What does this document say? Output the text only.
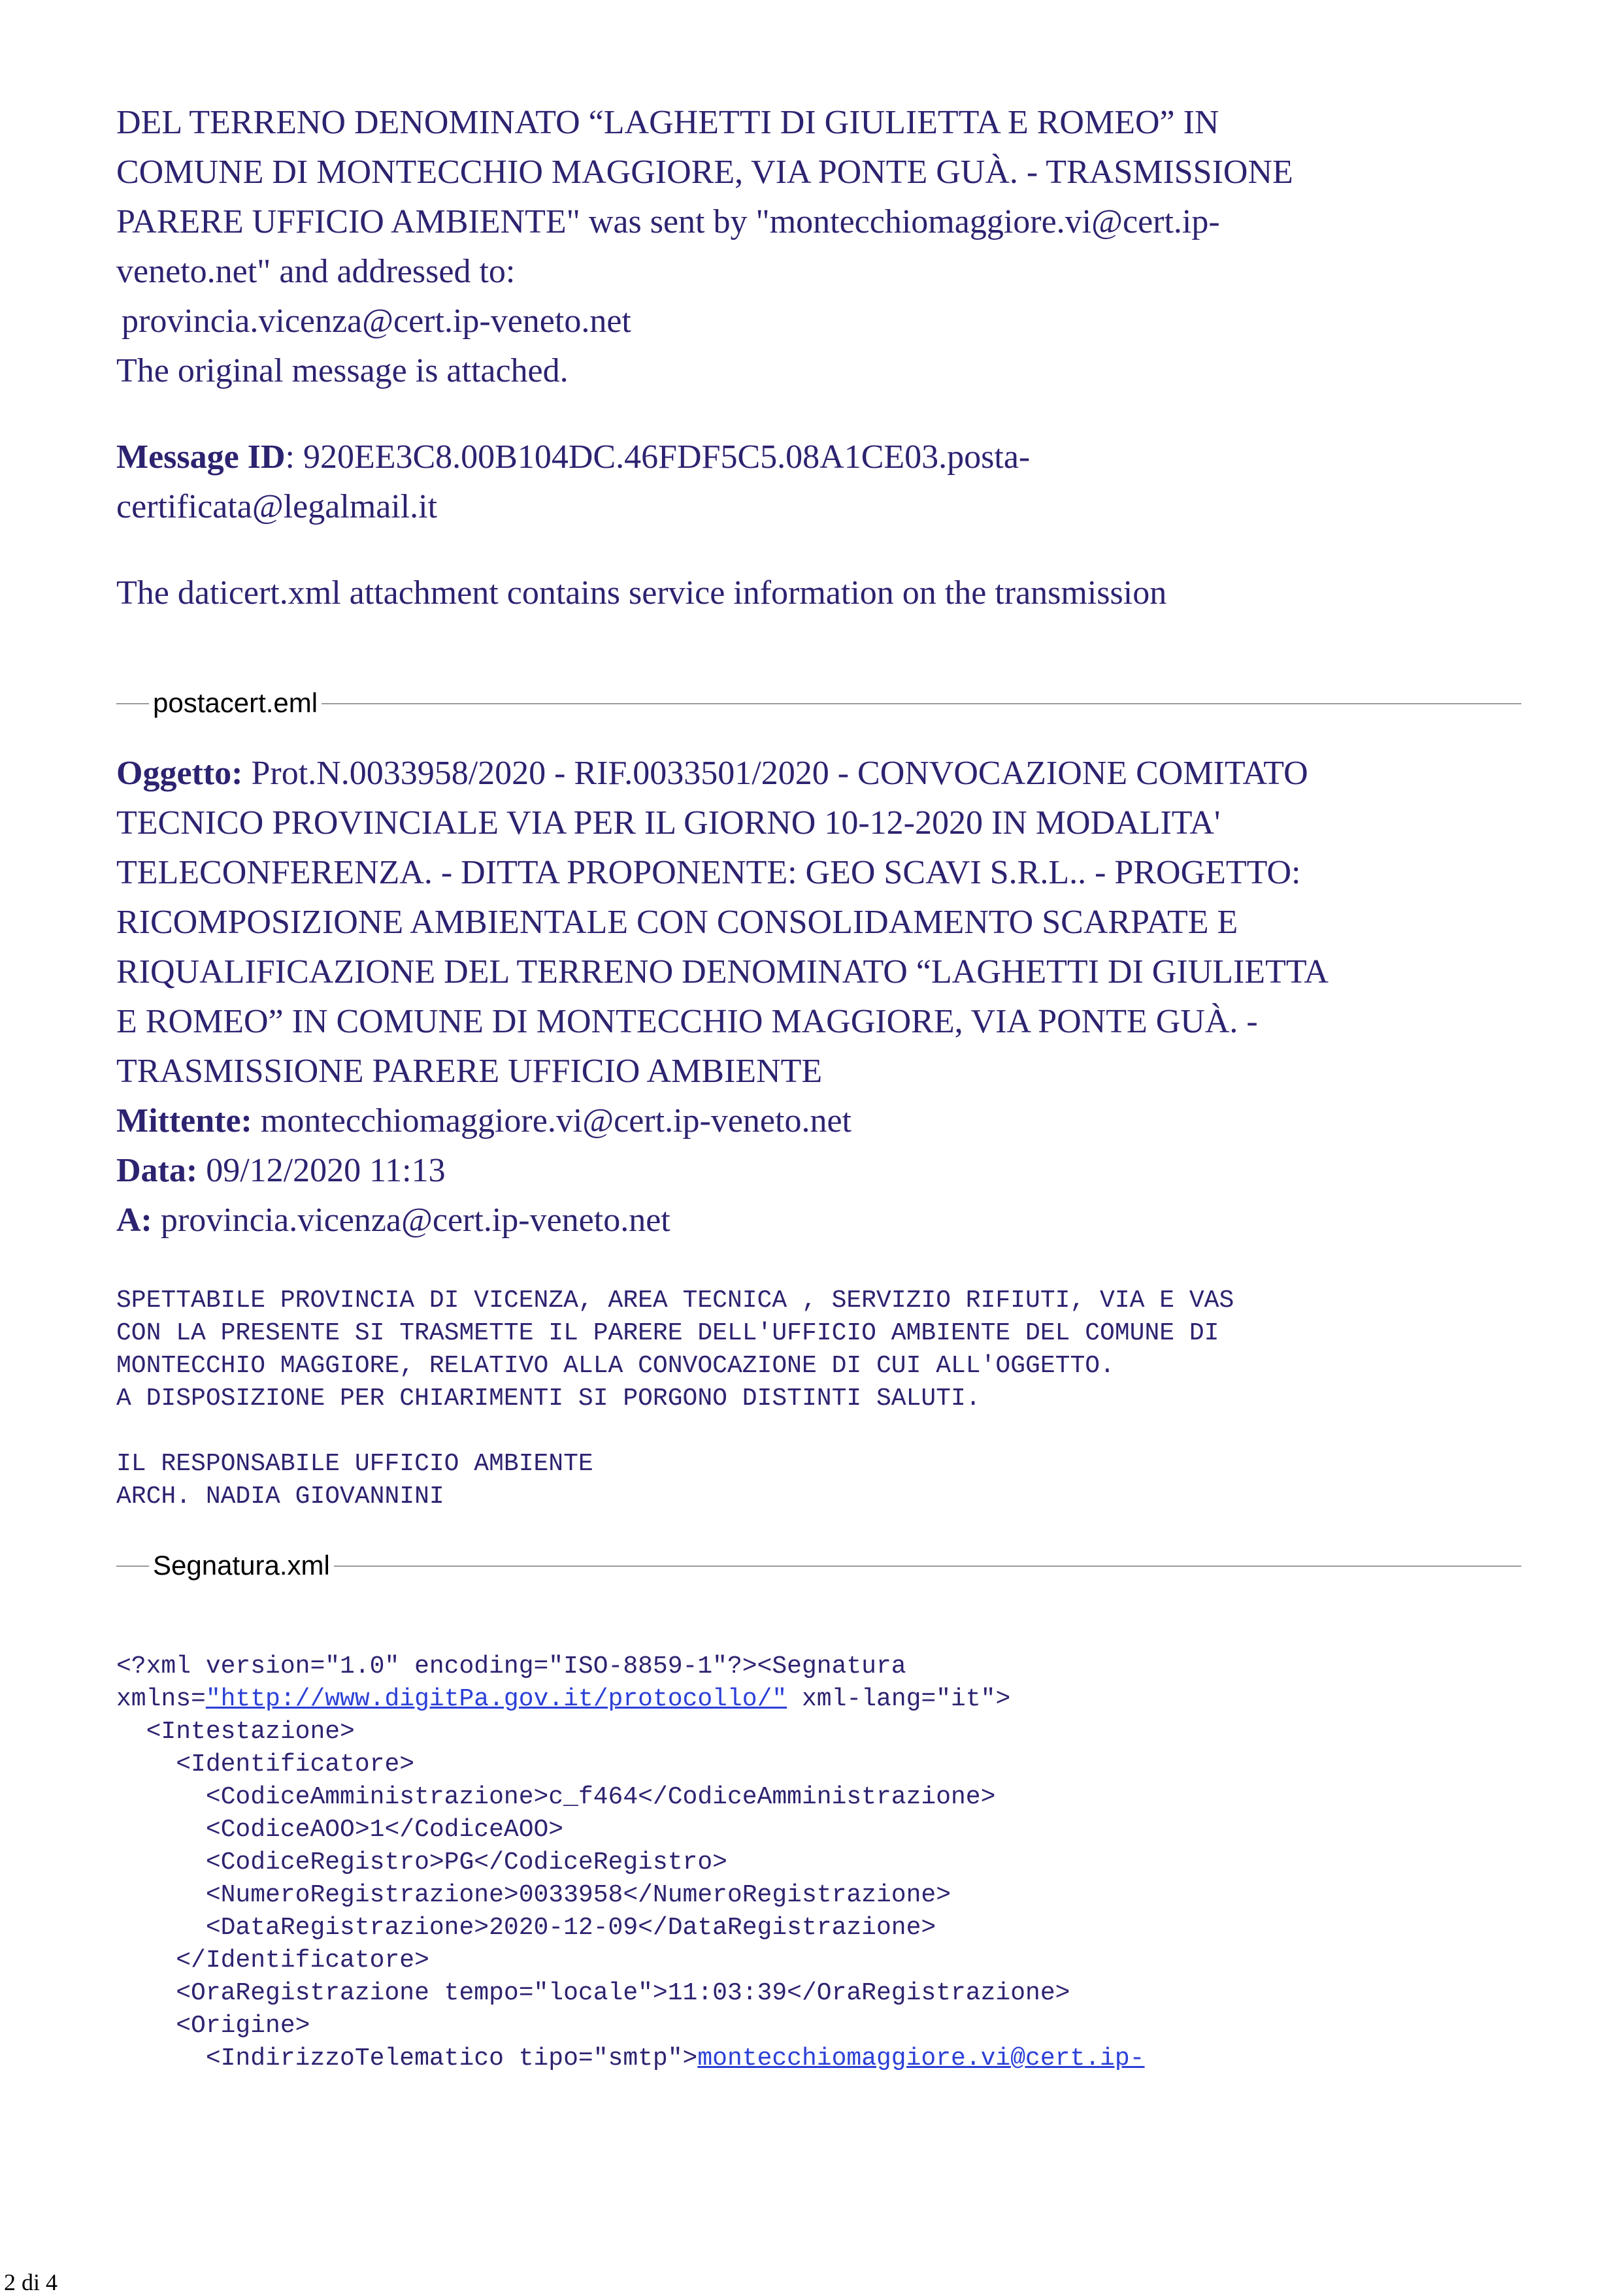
DEL TERRENO DENOMINATO “LAGHETTI DI GIULIETTA E ROMEO” IN

COMUNE DI MONTECCHIO MAGGIORE, VIA PONTE GUÀ. - TRASMISSIONE

PARERE UFFICIO AMBIENTE" was sent by "montecchiomaggiore.vi@cert.ip-

veneto.net" and addressed to:

provincia.vicenza@cert.ip-veneto.net

The original message is attached.

Message ID: 920EE3C8.00B104DC.46FDF5C5.08A1CE03.posta-

certificata@legalmail.it

The daticert.xml attachment contains service information on the transmission

postacert.eml

Oggetto: Prot.N.0033958/2020 - RIF.0033501/2020 - CONVOCAZIONE COMITATO

TECNICO PROVINCIALE VIA PER IL GIORNO 10-12-2020 IN MODALITA'

TELECONFERENZA. - DITTA PROPONENTE: GEO SCAVI S.R.L.. - PROGETTO:

RICOMPOSIZIONE AMBIENTALE CON CONSOLIDAMENTO SCARPATE E

RIQUALIFICAZIONE DEL TERRENO DENOMINATO “LAGHETTI DI GIULIETTA

E ROMEO” IN COMUNE DI MONTECCHIO MAGGIORE, VIA PONTE GUÀ. -

TRASMISSIONE PARERE UFFICIO AMBIENTE

Mittente: montecchiomaggiore.vi@cert.ip-veneto.net

Data: 09/12/2020 11:13

A: provincia.vicenza@cert.ip-veneto.net

SPETTABILE PROVINCIA DI VICENZA, AREA TECNICA , SERVIZIO RIFIUTI, VIA E VAS

CON LA PRESENTE SI TRASMETTE IL PARERE DELL'UFFICIO AMBIENTE DEL COMUNE DI

MONTECCHIO MAGGIORE, RELATIVO ALLA CONVOCAZIONE DI CUI ALL'OGGETTO.

A DISPOSIZIONE PER CHIARIMENTI SI PORGONO DISTINTI SALUTI.

IL RESPONSABILE UFFICIO AMBIENTE

ARCH. NADIA GIOVANNINI

Segnatura.xml

<?xml version="1.0" encoding="ISO-8859-1"?><Segnatura

xmlns="http://www.digitPa.gov.it/protocollo/" xml-lang="it">

<Intestazione>

<Identificatore>

<CodiceAmministrazione>c_f464</CodiceAmministrazione>

<CodiceAOO>1</CodiceAOO>

<CodiceRegistro>PG</CodiceRegistro>

<NumeroRegistrazione>0033958</NumeroRegistrazione>

<DataRegistrazione>2020-12-09</DataRegistrazione>

</Identificatore>

<OraRegistrazione tempo="locale">11:03:39</OraRegistrazione>

<Origine>

<IndirizzoTelematico tipo="smtp">montecchiomaggiore.vi@cert.ip-

2 di 4
